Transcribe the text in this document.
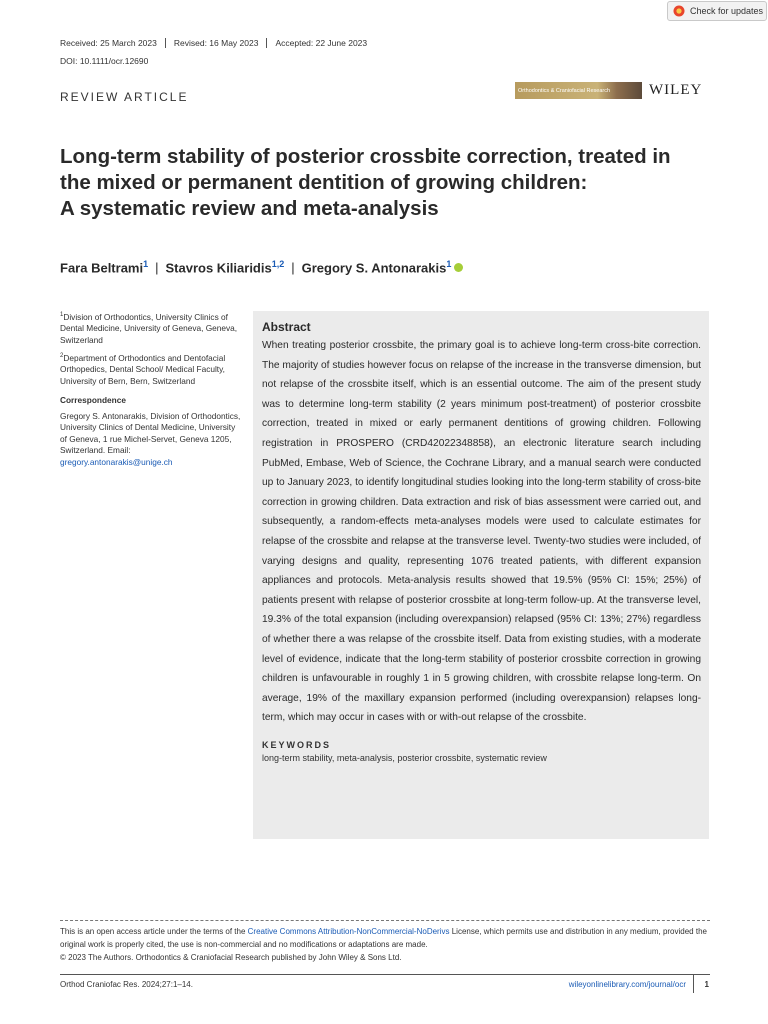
Check for updates
Received: 25 March 2023	Revised: 16 May 2023	Accepted: 22 June 2023
DOI: 10.1111/ocr.12690
REVIEW ARTICLE	Orthodontics & Craniofacial Research	WILEY
Long-term stability of posterior crossbite correction, treated in
the mixed or permanent dentition of growing children:
A systematic review and meta-analysis
Fara Beltrami$^1$ | Stavros Kiliaridis$^{1,2}$ | Gregory S. Antonarakis$^1$

$^1$Division of Orthodontics, University Clinics of Dental Medicine, University of Geneva, Geneva, Switzerland

$^2$Department of Orthodontics and Dentofacial Orthopedics, Dental School/ Medical Faculty, University of Bern, Bern, Switzerland

Correspondence

Gregory S. Antonarakis, Division of Orthodontics, University Clinics of Dental Medicine, University of Geneva, 1 rue Michel-Servet, Geneva 1205, Switzerland. Email: gregory.antonarakis@unige.ch

Abstract

When treating posterior crossbite, the primary goal is to achieve long-term cross-bite correction. The majority of studies however focus on relapse of the increase in the transverse dimension, but not relapse of the crossbite itself, which is an essential outcome. The aim of the present study was to determine long-term stability (2 years minimum post-treatment) of posterior crossbite correction, treated in mixed or early permanent dentitions of growing children. Following registration in PROSPERO (CRD42022348858), an electronic literature search including PubMed, Embase, Web of Science, the Cochrane Library, and a manual search were conducted up to January 2023, to identify longitudinal studies looking into the long-term stability of cross-bite correction in growing children. Data extraction and risk of bias assessment were carried out, and subsequently, a random-effects meta-analyses models were used to calculate estimates for relapse of the crossbite and relapse at the transverse level. Twenty-two studies were included, of varying designs and quality, representing 1076 treated patients, with different expansion appliances and protocols. Meta-analysis results showed that 19.5% (95% CI: 15%; 25%) of patients present with relapse of posterior crossbite at long-term follow-up. At the transverse level, 19.3% of the total expansion (including overexpansion) relapsed (95% CI: 13%; 27%) regardless of whether there a was relapse of the crossbite itself. Data from existing studies, with a moderate level of evidence, indicate that the long-term stability of posterior crossbite correction in growing children is unfavourable in roughly 1 in 5 growing children, with crossbite relapse long-term. On average, 19% of the maxillary expansion performed (including overexpansion) relapses long-term, which may occur in cases with or with-out relapse of the crossbite.

KEYWORDS
long-term stability, meta-analysis, posterior crossbite, systematic review
This is an open access article under the terms of the Creative Commons Attribution-NonCommercial-NoDerivs License, which permits use and distribution in any medium, provided the original work is properly cited, the use is non-commercial and no modifications or adaptations are made.
© 2023 The Authors. Orthodontics & Craniofacial Research published by John Wiley & Sons Ltd.
Orthod Craniofac Res. 2024;27:1–14.	wileyonlinelibrary.com/journal/ocr 1
